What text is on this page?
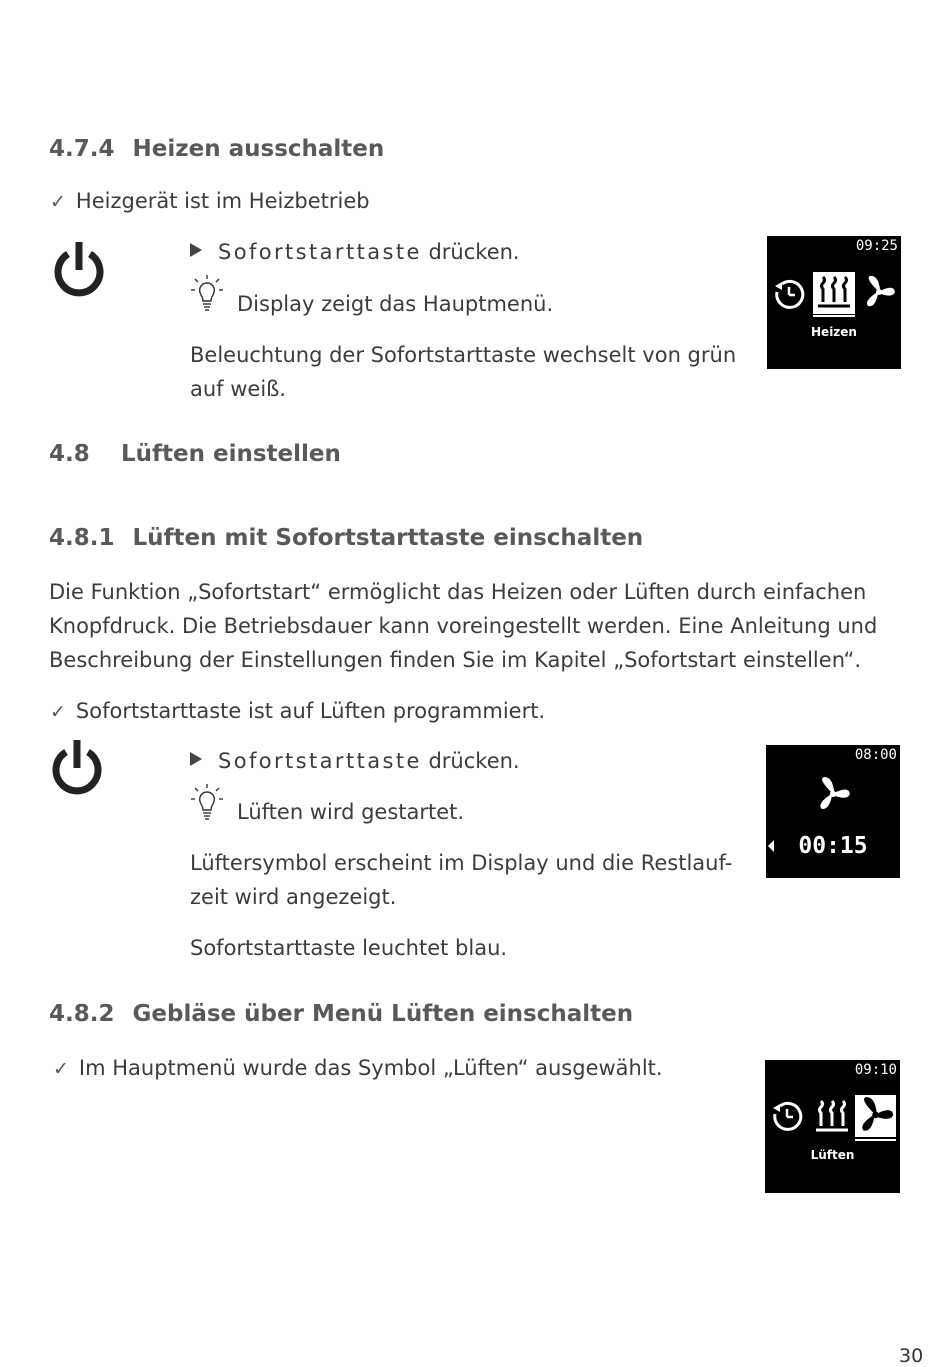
4.7.4 Heizen ausschalten
✓ Heizgerät ist im Heizbetrieb
Sofortstarttaste drücken.
Display zeigt das Hauptmenü.
Beleuchtung der Sofortstarttaste wechselt von grün
auf weiß.
09:25
Heizen
4.8 Lüften einstellen
4.8.1 Lüften mit Sofortstarttaste einschalten
Die Funktion „Sofortstart“ ermöglicht das Heizen oder Lüften durch einfachen
Knopfdruck. Die Betriebsdauer kann voreingestellt werden. Eine Anleitung und
Beschreibung der Einstellungen finden Sie im Kapitel „Sofortstart einstellen“.
✓ Sofortstarttaste ist auf Lüften programmiert.
Sofortstarttaste drücken.
Lüften wird gestartet.
Lüftersymbol erscheint im Display und die Restlauf-
zeit wird angezeigt.
Sofortstarttaste leuchtet blau.
08:00
00:15
4.8.2 Gebläse über Menü Lüften einschalten
✓ Im Hauptmenü wurde das Symbol „Lüften“ ausgewählt.	09:10
Lüften
30
